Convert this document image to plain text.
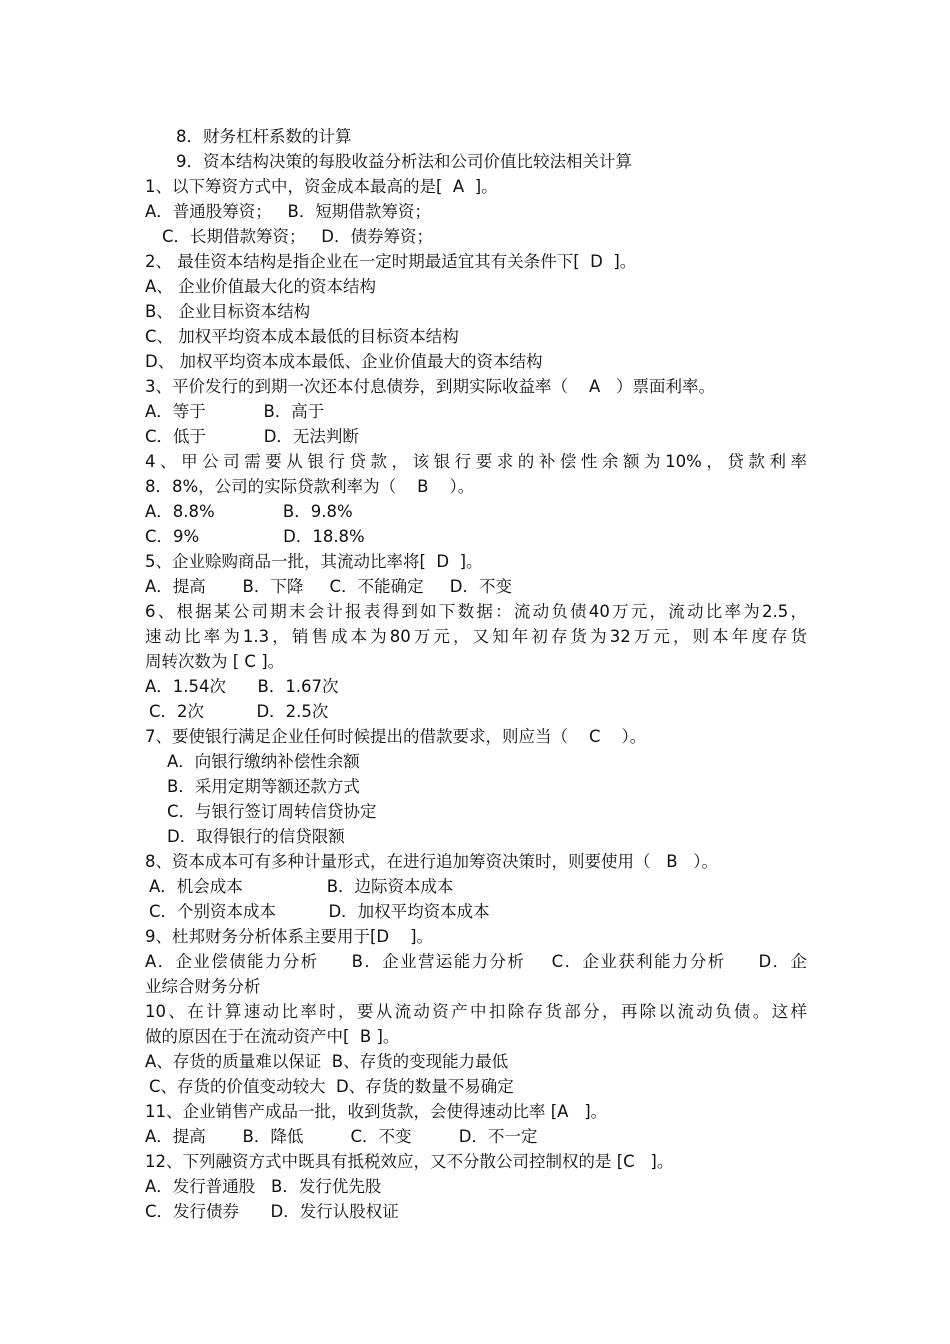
8．财务杠杆系数的计算
9．资本结构决策的每股收益分析法和公司价值比较法相关计算
1、以下筹资方式中，资金成本最高的是[  A  ]。
A．普通股筹资；   B．短期借款筹资；
C．长期借款筹资；   D．债券筹资；
2、 最佳资本结构是指企业在一定时期最适宜其有关条件下[  D  ]。
A、 企业价值最大化的资本结构
B、 企业目标资本结构
C、 加权平均资本成本最低的目标资本结构
D、 加权平均资本成本最低、企业价值最大的资本结构
3、平价发行的到期一次还本付息债券，到期实际收益率（    A   ）票面利率。
A．等于           B．高于
C．低于           D．无法判断
4、甲公司需要从银行贷款，该银行要求的补偿性余额为10%，贷款利率
8．8%，公司的实际贷款利率为（    B    ）。
A．8.8%             B．9.8%
C．9%                D．18.8%
5、企业赊购商品一批，其流动比率将[  D  ]。
A．提高       B．下降     C．不能确定     D．不变
6、根据某公司期末会计报表得到如下数据：流动负债40万元，流动比率为2.5，
速动比率为1.3，销售成本为80万元，又知年初存货为32万元，则本年度存货
周转次数为 [ C ]。
A．1.54次      B．1.67次
C．2次          D．2.5次
7、要使银行满足企业任何时候提出的借款要求，则应当（    C    ）。
A．向银行缴纳补偿性余额
B．采用定期等额还款方式
C．与银行签订周转信贷协定
D．取得银行的信贷限额
8、资本成本可有多种计量形式，在进行追加筹资决策时，则要使用（   B   ）。
A．机会成本                B．边际资本成本
C．个别资本成本          D．加权平均资本成本
9、杜邦财务分析体系主要用于[D    ]。
A．企业偿债能力分析     B．企业营运能力分析    C．企业获利能力分析     D．企
业综合财务分析
10、在计算速动比率时，要从流动资产中扣除存货部分，再除以流动负债。这样
做的原因在于在流动资产中[  B ]。
A、存货的质量难以保证  B、存货的变现能力最低
C、存货的价值变动较大  D、存货的数量不易确定
11、企业销售产成品一批，收到货款，会使得速动比率 [A   ]。
A．提高       B．降低         C．不变         D．不一定
12、下列融资方式中既具有抵税效应，又不分散公司控制权的是 [C   ]。
A．发行普通股   B．发行优先股
C．发行债券      D．发行认股权证
